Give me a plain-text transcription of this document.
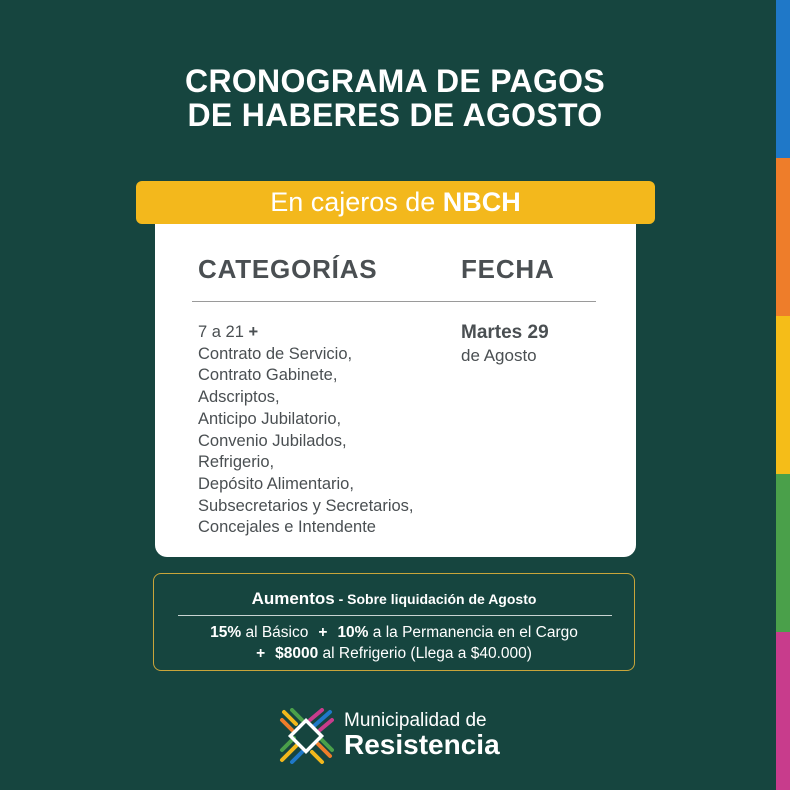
CRONOGRAMA DE PAGOS
DE HABERES DE AGOSTO
En cajeros de NBCH
CATEGORÍAS	FECHA
7 a 21 +
Contrato de Servicio,
Contrato Gabinete,
Adscriptos,
Anticipo Jubilatorio,
Convenio Jubilados,
Refrigerio,
Depósito Alimentario,
Subsecretarios y Secretarios,
Concejales e Intendente
Martes 29
de Agosto
Aumentos - Sobre liquidación de Agosto
15% al Básico + 10% a la Permanencia en el Cargo
+ $8000 al Refrigerio (Llega a $40.000)
Municipalidad de
Resistencia
